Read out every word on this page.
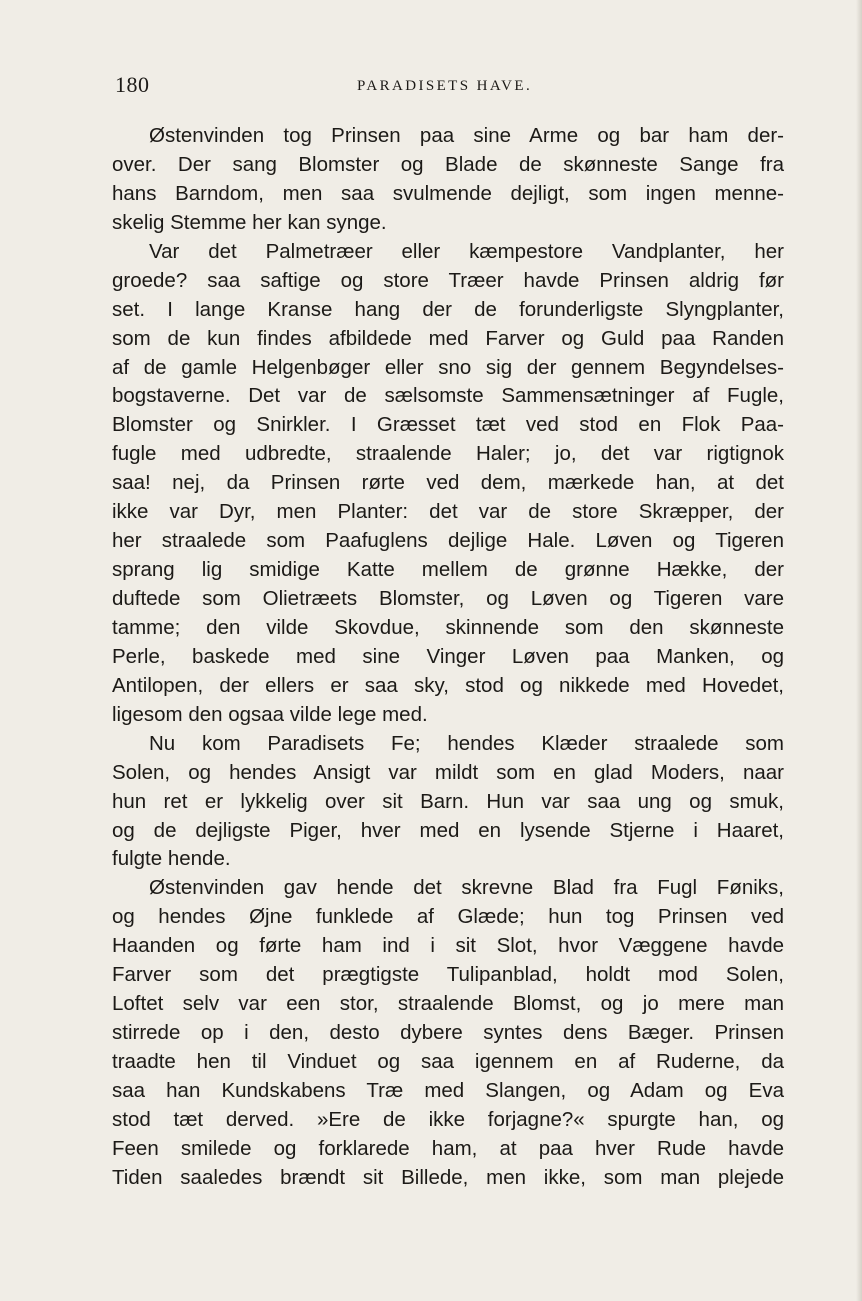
180	PARADISETS HAVE.
Østenvinden tog Prinsen paa sine Arme og bar ham der-
over. Der sang Blomster og Blade de skønneste Sange fra
hans Barndom, men saa svulmende dejligt, som ingen menne-
skelig Stemme her kan synge.
Var det Palmetræer eller kæmpestore Vandplanter, her
groede? saa saftige og store Træer havde Prinsen aldrig før
set. I lange Kranse hang der de forunderligste Slyngplanter,
som de kun findes afbildede med Farver og Guld paa Randen
af de gamle Helgenbøger eller sno sig der gennem Begyndelses-
bogstaverne. Det var de sælsomste Sammensætninger af Fugle,
Blomster og Snirkler. I Græsset tæt ved stod en Flok Paa-
fugle med udbredte, straalende Haler; jo, det var rigtignok
saa! nej, da Prinsen rørte ved dem, mærkede han, at det
ikke var Dyr, men Planter: det var de store Skræpper, der
her straalede som Paafuglens dejlige Hale. Løven og Tigeren
sprang lig smidige Katte mellem de grønne Hække, der
duftede som Olietræets Blomster, og Løven og Tigeren vare
tamme; den vilde Skovdue, skinnende som den skønneste
Perle, baskede med sine Vinger Løven paa Manken, og
Antilopen, der ellers er saa sky, stod og nikkede med Hovedet,
ligesom den ogsaa vilde lege med.
Nu kom Paradisets Fe; hendes Klæder straalede som
Solen, og hendes Ansigt var mildt som en glad Moders, naar
hun ret er lykkelig over sit Barn. Hun var saa ung og smuk,
og de dejligste Piger, hver med en lysende Stjerne i Haaret,
fulgte hende.
Østenvinden gav hende det skrevne Blad fra Fugl Føniks,
og hendes Øjne funklede af Glæde; hun tog Prinsen ved
Haanden og førte ham ind i sit Slot, hvor Væggene havde
Farver som det prægtigste Tulipanblad, holdt mod Solen,
Loftet selv var een stor, straalende Blomst, og jo mere man
stirrede op i den, desto dybere syntes dens Bæger. Prinsen
traadte hen til Vinduet og saa igennem en af Ruderne, da
saa han Kundskabens Træ med Slangen, og Adam og Eva
stod tæt derved. »Ere de ikke forjagne?« spurgte han, og
Feen smilede og forklarede ham, at paa hver Rude havde
Tiden saaledes brændt sit Billede, men ikke, som man plejede
